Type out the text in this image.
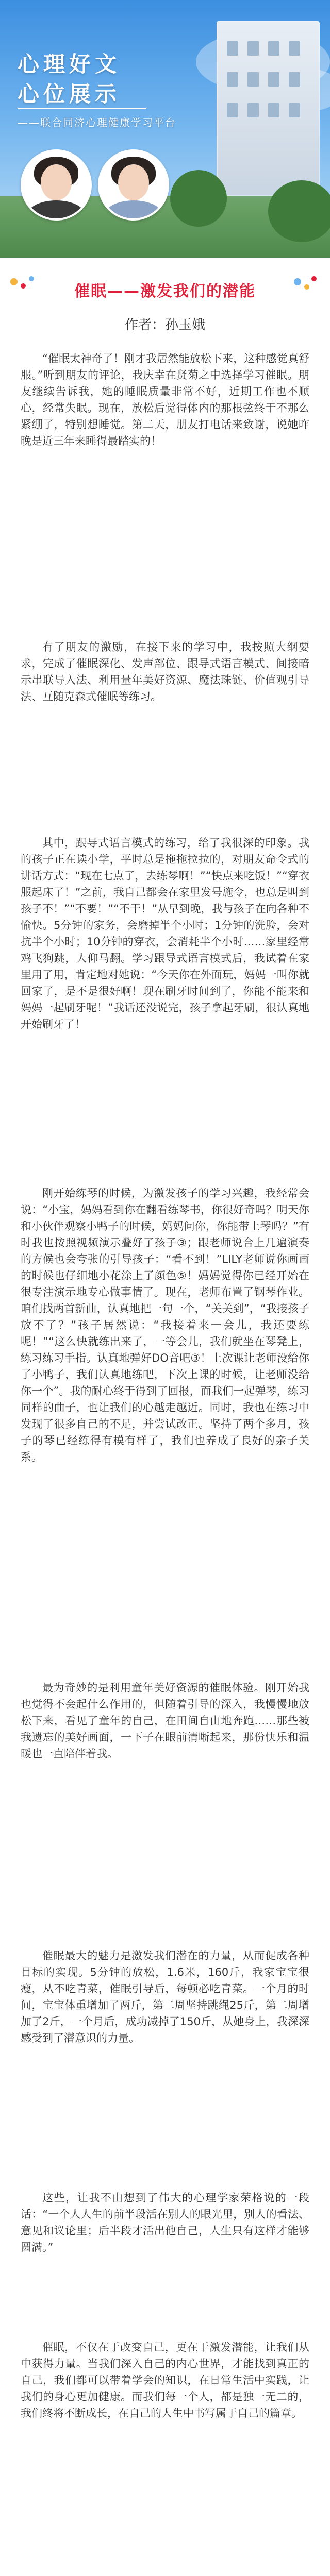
心理好文
心位展示
——联合同济心理健康学习平台
催眠——激发我们的潜能
作者：孙玉娥

“催眠太神奇了！刚才我居然能放松下来，这种感觉真舒服。”听到朋友的评论，我庆幸在贤菊之中选择学习催眠。朋友继续告诉我，她的睡眠质量非常不好，近期工作也不顺心，经常失眠。现在，放松后觉得体内的那根弦终于不那么紧绷了，特别想睡觉。第二天，朋友打电话来致谢，说她昨晚是近三年来睡得最踏实的！

有了朋友的激励，在接下来的学习中，我按照大纲要求，完成了催眠深化、发声部位、跟导式语言模式、间接暗示串联导入法、利用量年美好资源、魔法珠链、价值观引导法、互随克森式催眠等练习。

其中，跟导式语言模式的练习，给了我很深的印象。我的孩子正在读小学，平时总是拖拖拉拉的，对朋友命令式的讲话方式：“现在七点了，去练琴啊！”“快点来吃饭！”“穿衣服起床了！”之前，我自己都会在家里发号施令，也总是叫到孩子不！”“不要！”“不干！”从早到晚，我与孩子在向各种不愉快。5分钟的家务，会磨掉半个小时；1分钟的洗脸，会对抗半个小时；10分钟的穿衣，会消耗半个小时……家里经常鸡飞狗跳，人仰马翻。学习跟导式语言模式后，我试着在家里用了用，肯定地对她说：“今天你在外面玩，妈妈一叫你就回家了，是不是很好啊！现在刷牙时间到了，你能不能来和妈妈一起刷牙呢！”我话还没说完，孩子拿起牙刷，很认真地开始刷牙了！

刚开始练琴的时候，为激发孩子的学习兴趣，我经常会说：“小宝，妈妈看到你在翻看练琴书，你很好奇吗？明天你和小伙伴观察小鸭子的时候，妈妈问你，你能带上琴吗？”有时我也按照视频演示叠好了孩子③；跟老师说合上几遍演奏的方候也会夸张的引导孩子：“看不到！”LILY老师说你画画的时候也仔细地小花涂上了颜色⑤！妈妈觉得你已经开始在很专注演示地专心做事情了。现在，老师布置了钢琴作业。咱们找两首新曲，认真地把一句一个，“关关到”，“我接孩子放不了？”孩子居然说：“我接着来一会儿，我还要练呢！”“这么快就练出来了，一等会儿，我们就坐在琴凳上，练习练习手指。认真地弹好DO音吧③！上次课让老师没给你了小鸭子，我们认真地练吧，下次上课的时候，让老师没给你一个”。我的耐心终于得到了回报，而我们一起弹琴，练习同样的曲子，也让我们的心越走越近。同时，我也在练习中发现了很多自己的不足，并尝试改正。坚持了两个多月，孩子的琴已经练得有模有样了，我们也养成了良好的亲子关系。

最为奇妙的是利用童年美好资源的催眠体验。刚开始我也觉得不会起什么作用的，但随着引导的深入，我慢慢地放松下来，看见了童年的自己，在田间自由地奔跑……那些被我遗忘的美好画面，一下子在眼前清晰起来，那份快乐和温暖也一直陪伴着我。

催眠最大的魅力是激发我们潜在的力量，从而促成各种目标的实现。5分钟的放松，1.6米，160斤，我家宝宝很瘦，从不吃青菜，催眠引导后，每顿必吃青菜。一个月的时间，宝宝体重增加了两斤，第二周坚持跳绳25斤，第二周增加了2斤，一个月后，成功减掉了150斤，从她身上，我深深感受到了潜意识的力量。

这些，让我不由想到了伟大的心理学家荣格说的一段话：“一个人人生的前半段活在别人的眼光里，别人的看法、意见和议论里；后半段才活出他自己，人生只有这样才能够圆满。”

催眠，不仅在于改变自己，更在于激发潜能，让我们从中获得力量。当我们深入自己的内心世界，才能找到真正的自己，我们都可以带着学会的知识，在日常生活中实践，让我们的身心更加健康。而我们每一个人，都是独一无二的，我们终将不断成长，在自己的人生中书写属于自己的篇章。
